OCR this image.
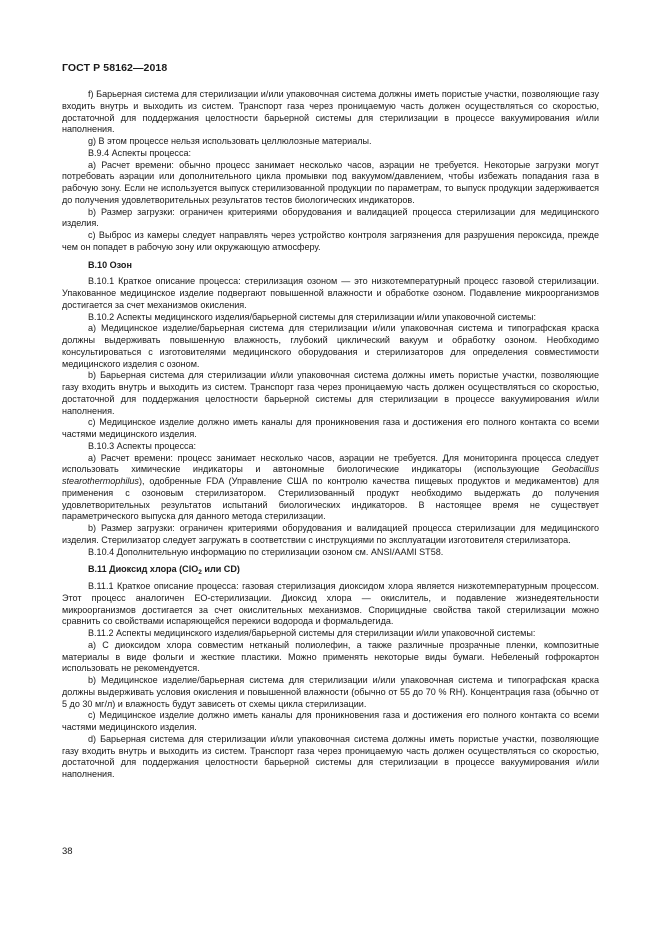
ГОСТ Р 58162—2018

f) Барьерная система для стерилизации и/или упаковочная система должны иметь пористые участки, позволяющие газу входить внутрь и выходить из систем. Транспорт газа через проницаемую часть должен осуществляться со скоростью, достаточной для поддержания целостности барьерной системы для стерилизации в процессе вакуумирования и/или наполнения.

g) В этом процессе нельзя использовать целлюлозные материалы.

B.9.4 Аспекты процесса:

a) Расчет времени: обычно процесс занимает несколько часов, аэрации не требуется. Некоторые загрузки могут потребовать аэрации или дополнительного цикла промывки под вакуумом/давлением, чтобы избежать попадания газа в рабочую зону. Если не используется выпуск стерилизованной продукции по параметрам, то выпуск продукции задерживается до получения удовлетворительных результатов тестов биологических индикаторов.

b) Размер загрузки: ограничен критериями оборудования и валидацией процесса стерилизации для медицинского изделия.

c) Выброс из камеры следует направлять через устройство контроля загрязнения для разрушения пероксида, прежде чем он попадет в рабочую зону или окружающую атмосферу.

B.10 Озон

B.10.1 Краткое описание процесса: стерилизация озоном — это низкотемпературный процесс газовой стерилизации. Упакованное медицинское изделие подвергают повышенной влажности и обработке озоном. Подавление микроорганизмов достигается за счет механизмов окисления.

B.10.2 Аспекты медицинского изделия/барьерной системы для стерилизации и/или упаковочной системы:

a) Медицинское изделие/барьерная система для стерилизации и/или упаковочная система и типографская краска должны выдерживать повышенную влажность, глубокий циклический вакуум и обработку озоном. Необходимо консультироваться с изготовителями медицинского оборудования и стерилизаторов для определения совместимости медицинского изделия с озоном.

b) Барьерная система для стерилизации и/или упаковочная система должны иметь пористые участки, позволяющие газу входить внутрь и выходить из систем. Транспорт газа через проницаемую часть должен осуществляться со скоростью, достаточной для поддержания целостности барьерной системы для стерилизации в процессе вакуумирования и/или наполнения.

c) Медицинское изделие должно иметь каналы для проникновения газа и достижения его полного контакта со всеми частями медицинского изделия.

B.10.3 Аспекты процесса:

a) Расчет времени: процесс занимает несколько часов, аэрации не требуется. Для мониторинга процесса следует использовать химические индикаторы и автономные биологические индикаторы (использующие Geobacillus stearothermophilus), одобренные FDA (Управление США по контролю качества пищевых продуктов и медикаментов) для применения с озоновым стерилизатором. Стерилизованный продукт необходимо выдержать до получения удовлетворительных результатов испытаний биологических индикаторов. В настоящее время не существует параметрического выпуска для данного метода стерилизации.

b) Размер загрузки: ограничен критериями оборудования и валидацией процесса стерилизации для медицинского изделия. Стерилизатор следует загружать в соответствии с инструкциями по эксплуатации изготовителя стерилизатора.

B.10.4 Дополнительную информацию по стерилизации озоном см. ANSI/AAMI ST58.

B.11 Диоксид хлора (ClO$_2$ или CD)

B.11.1 Краткое описание процесса: газовая стерилизация диоксидом хлора является низкотемпературным процессом. Этот процесс аналогичен ЕО-стерилизации. Диоксид хлора — окислитель, и подавление жизнедеятельности микроорганизмов достигается за счет окислительных механизмов. Спорицидные свойства такой стерилизации можно сравнить со свойствами испаряющейся перекиси водорода и формальдегида.

B.11.2 Аспекты медицинского изделия/барьерной системы для стерилизации и/или упаковочной системы:

a) С диоксидом хлора совместим нетканый полиолефин, а также различные прозрачные пленки, композитные материалы в виде фольги и жесткие пластики. Можно применять некоторые виды бумаги. Небеленый гофрокартон использовать не рекомендуется.

b) Медицинское изделие/барьерная система для стерилизации и/или упаковочная система и типографская краска должны выдерживать условия окисления и повышенной влажности (обычно от 55 до 70 % RH). Концентрация газа (обычно от 5 до 30 мг/л) и влажность будут зависеть от схемы цикла стерилизации.

c) Медицинское изделие должно иметь каналы для проникновения газа и достижения его полного контакта со всеми частями медицинского изделия.

d) Барьерная система для стерилизации и/или упаковочная система должны иметь пористые участки, позволяющие газу входить внутрь и выходить из систем. Транспорт газа через проницаемую часть должен осуществляться со скоростью, достаточной для поддержания целостности барьерной системы для стерилизации в процессе вакуумирования и/или наполнения.

38
